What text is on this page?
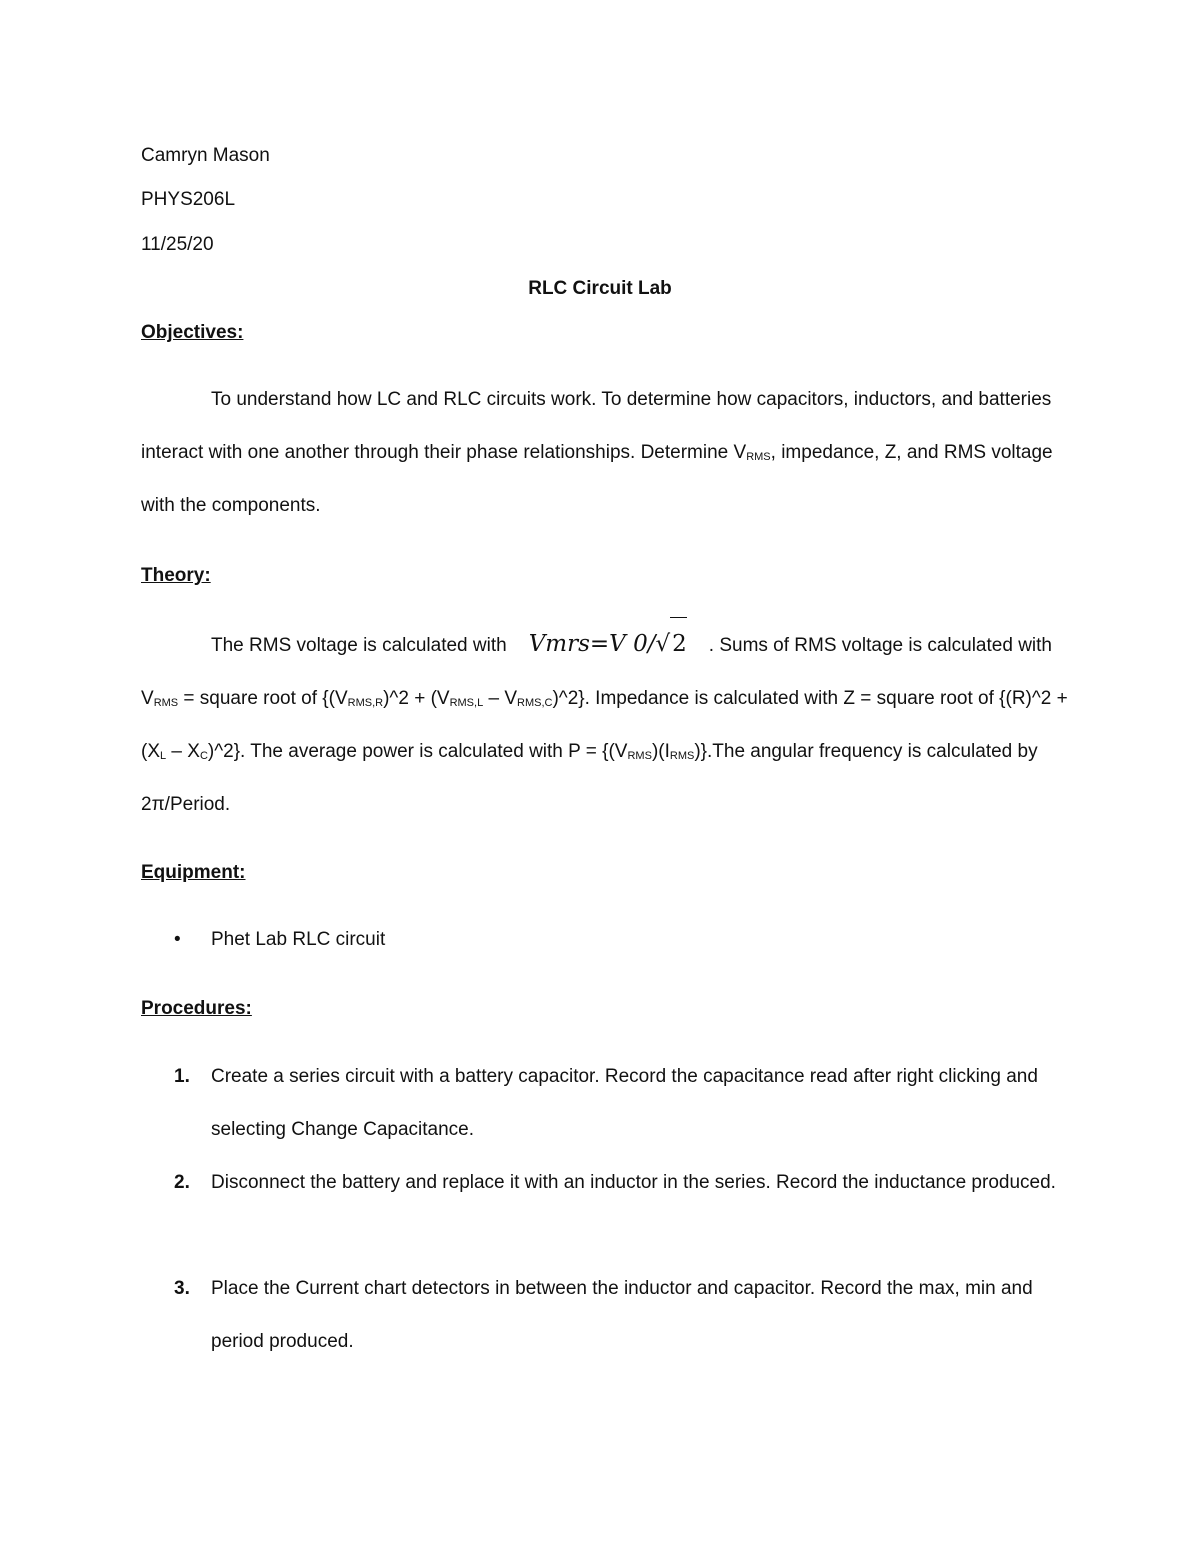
Camryn Mason
PHYS206L
11/25/20
RLC Circuit Lab
Objectives:
To understand how LC and RLC circuits work. To determine how capacitors, inductors, and batteries interact with one another through their phase relationships. Determine $V_{RMS}$, impedance, Z, and RMS voltage with the components.
Theory:
The RMS voltage is calculated with Vmrs=V 0/√2 . Sums of RMS voltage is calculated with $V_{RMS}$ = square root of {$(V_{RMS,R})\^{}2 + (V_{RMS,L}$ – $V_{RMS,C})\^{}2$}. Impedance is calculated with Z = square root of {(R)^2 + ($X_L$ – $X_C)\^{}2$}. The average power is calculated with $P = \{(V_{RMS})(I_{RMS})\}.The$ angular frequency is calculated by 2π/Period.
Equipment:
• Phet Lab RLC circuit
Procedures:
1. Create a series circuit with a battery capacitor. Record the capacitance read after right clicking and selecting Change Capacitance.
2. Disconnect the battery and replace it with an inductor in the series. Record the inductance produced.
3. Place the Current chart detectors in between the inductor and capacitor. Record the max, min and period produced.
